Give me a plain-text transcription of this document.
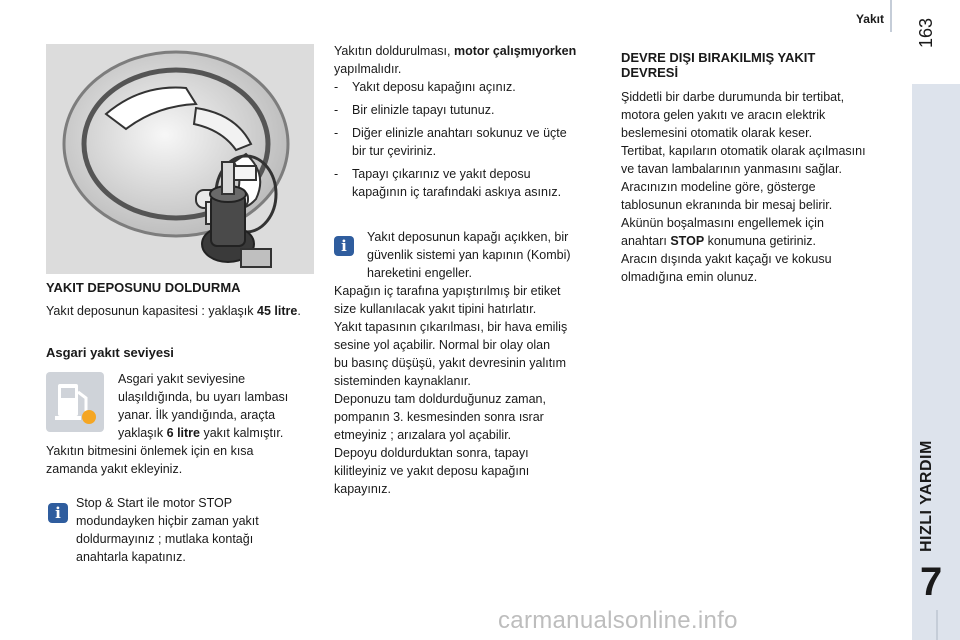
Yakıt 163
HIZLI YARDIM
7
YAKIT DEPOSUNU DOLDURMA
Yakıt deposunun kapasitesi : yaklaşık 45 litre.
Asgari yakıt seviyesi
Asgari yakıt seviyesine
ulaşıldığında, bu uyarı lambası
yanar. İlk yandığında, araçta
yaklaşık 6 litre yakıt kalmıştır.
Yakıtın bitmesini önlemek için en kısa
zamanda yakıt ekleyiniz.
i
Stop & Start ile motor STOP
modundayken hiçbir zaman yakıt
doldurmayınız ; mutlaka kontağı
anahtarla kapatınız.
Yakıtın doldurulması, motor çalışmıyorken
yapılmalıdır.
-	Yakıt deposu kapağını açınız.
-	Bir elinizle tapayı tutunuz.
-	Diğer elinizle anahtarı sokunuz ve üçte
bir tur çeviriniz.
-	Tapayı çıkarınız ve yakıt deposu
kapağının iç tarafındaki askıya asınız.
i	Yakıt deposunun kapağı açıkken, bir
güvenlik sistemi yan kapının (Kombi)
hareketini engeller.
Kapağın iç tarafına yapıştırılmış bir etiket
size kullanılacak yakıt tipini hatırlatır.
Yakıt tapasının çıkarılması, bir hava emiliş
sesine yol açabilir. Normal bir olay olan
bu basınç düşüşü, yakıt devresinin yalıtım
sisteminden kaynaklanır.
Deponuzu tam doldurduğunuz zaman,
pompanın 3. kesmesinden sonra ısrar
etmeyiniz ; arızalara yol açabilir.
Depoyu doldurduktan sonra, tapayı
kilitleyiniz ve yakıt deposu kapağını
kapayınız.
DEVRE DIŞI BIRAKILMIŞ YAKIT
DEVRESİ
Şiddetli bir darbe durumunda bir tertibat,
motora gelen yakıtı ve aracın elektrik
beslemesini otomatik olarak keser.
Tertibat, kapıların otomatik olarak açılmasını
ve tavan lambalarının yanmasını sağlar.
Aracınızın modeline göre, gösterge
tablosunun ekranında bir mesaj belirir.
Akünün boşalmasını engellemek için
anahtarı STOP konumuna getiriniz.
Aracın dışında yakıt kaçağı ve kokusu
olmadığına emin olunuz.
carmanualsonline.info
